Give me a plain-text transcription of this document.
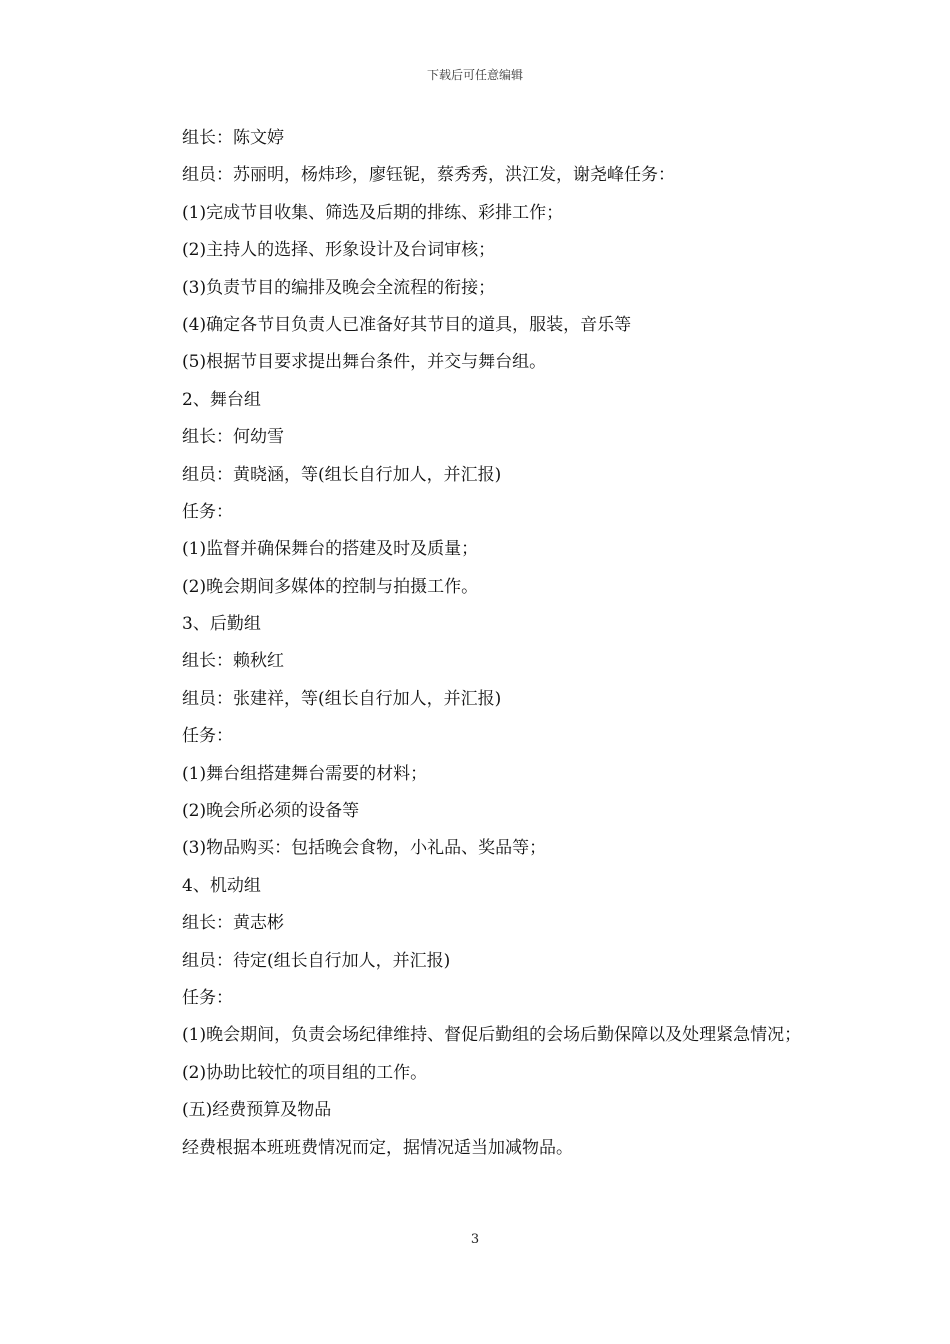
下载后可任意编辑
组长：陈文婷
组员：苏丽明，杨炜珍，廖钰铌，蔡秀秀，洪江发，谢尧峰任务：
(1)完成节目收集、筛选及后期的排练、彩排工作；
(2)主持人的选择、形象设计及台词审核；
(3)负责节目的编排及晚会全流程的衔接；
(4)确定各节目负责人已准备好其节目的道具，服装，音乐等
(5)根据节目要求提出舞台条件，并交与舞台组。
2、舞台组
组长：何幼雪
组员：黄晓涵，等(组长自行加人，并汇报)
任务：
(1)监督并确保舞台的搭建及时及质量；
(2)晚会期间多媒体的控制与拍摄工作。
3、后勤组
组长：赖秋红
组员：张建祥，等(组长自行加人，并汇报)
任务：
(1)舞台组搭建舞台需要的材料；
(2)晚会所必须的设备等
(3)物品购买：包括晚会食物，小礼品、奖品等；
4、机动组
组长：黄志彬
组员：待定(组长自行加人，并汇报)
任务：
(1)晚会期间，负责会场纪律维持、督促后勤组的会场后勤保障以及处理紧急情况；
(2)协助比较忙的项目组的工作。
(五)经费预算及物品
经费根据本班班费情况而定，据情况适当加减物品。
3
